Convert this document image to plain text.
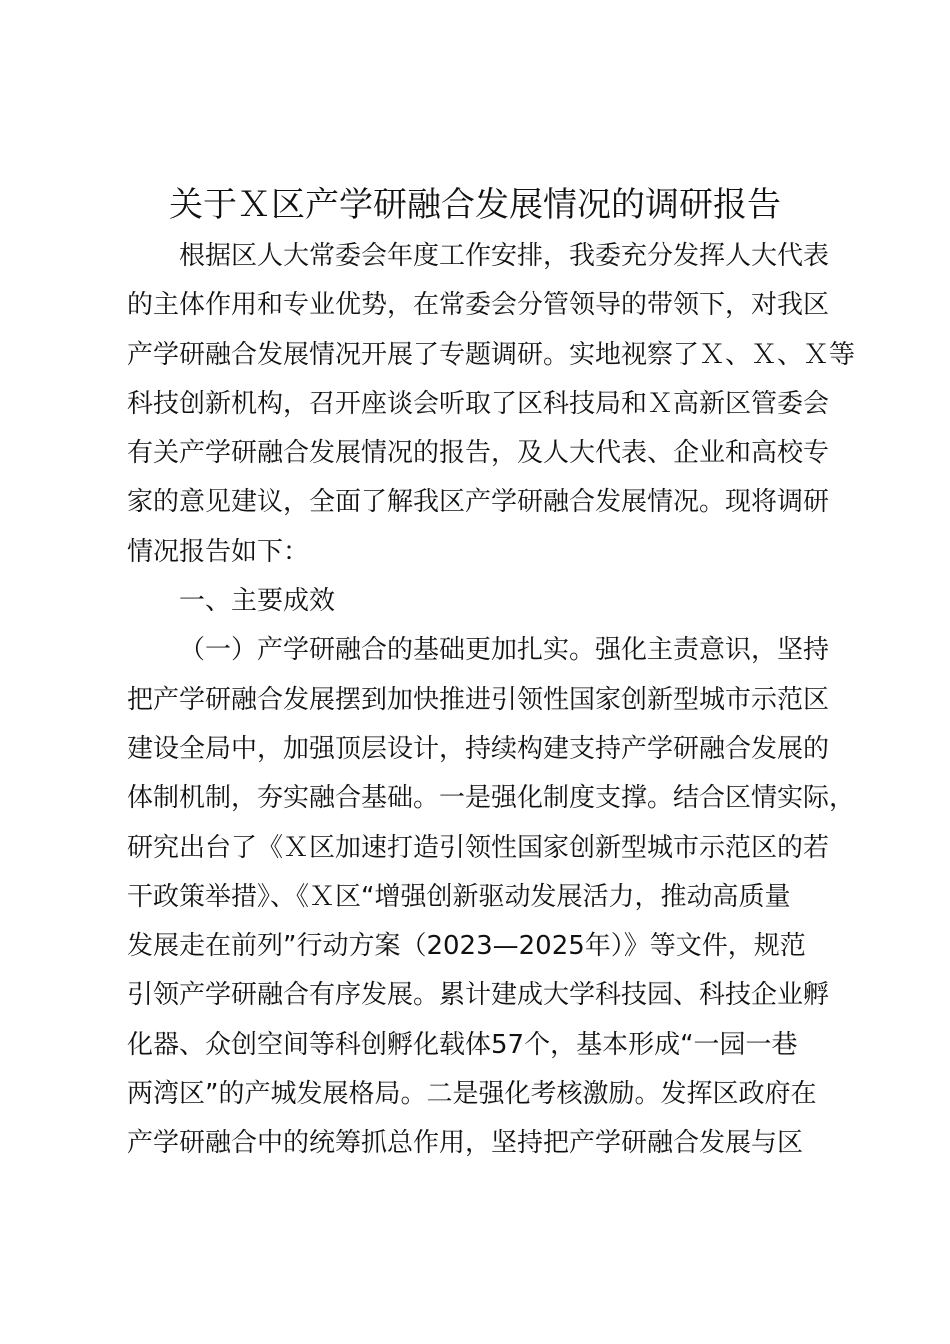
关于Ｘ区产学研融合发展情况的调研报告
根据区人大常委会年度工作安排，我委充分发挥人大代表
的主体作用和专业优势，在常委会分管领导的带领下，对我区
产学研融合发展情况开展了专题调研。实地视察了Ｘ、Ｘ、Ｘ等
科技创新机构，召开座谈会听取了区科技局和Ｘ高新区管委会
有关产学研融合发展情况的报告，及人大代表、企业和高校专
家的意见建议，全面了解我区产学研融合发展情况。现将调研
情况报告如下：
一、主要成效
（一）产学研融合的基础更加扎实。强化主责意识，坚持
把产学研融合发展摆到加快推进引领性国家创新型城市示范区
建设全局中，加强顶层设计，持续构建支持产学研融合发展的
体制机制，夯实融合基础。一是强化制度支撑。结合区情实际，
研究出台了《Ｘ区加速打造引领性国家创新型城市示范区的若
干政策举措》、《Ｘ区“增强创新驱动发展活力，推动高质量
发展走在前列”行动方案（2023—2025年）》等文件，规范
引领产学研融合有序发展。累计建成大学科技园、科技企业孵
化器、众创空间等科创孵化载体57个，基本形成“一园一巷
两湾区”的产城发展格局。二是强化考核激励。发挥区政府在
产学研融合中的统筹抓总作用，坚持把产学研融合发展与区
